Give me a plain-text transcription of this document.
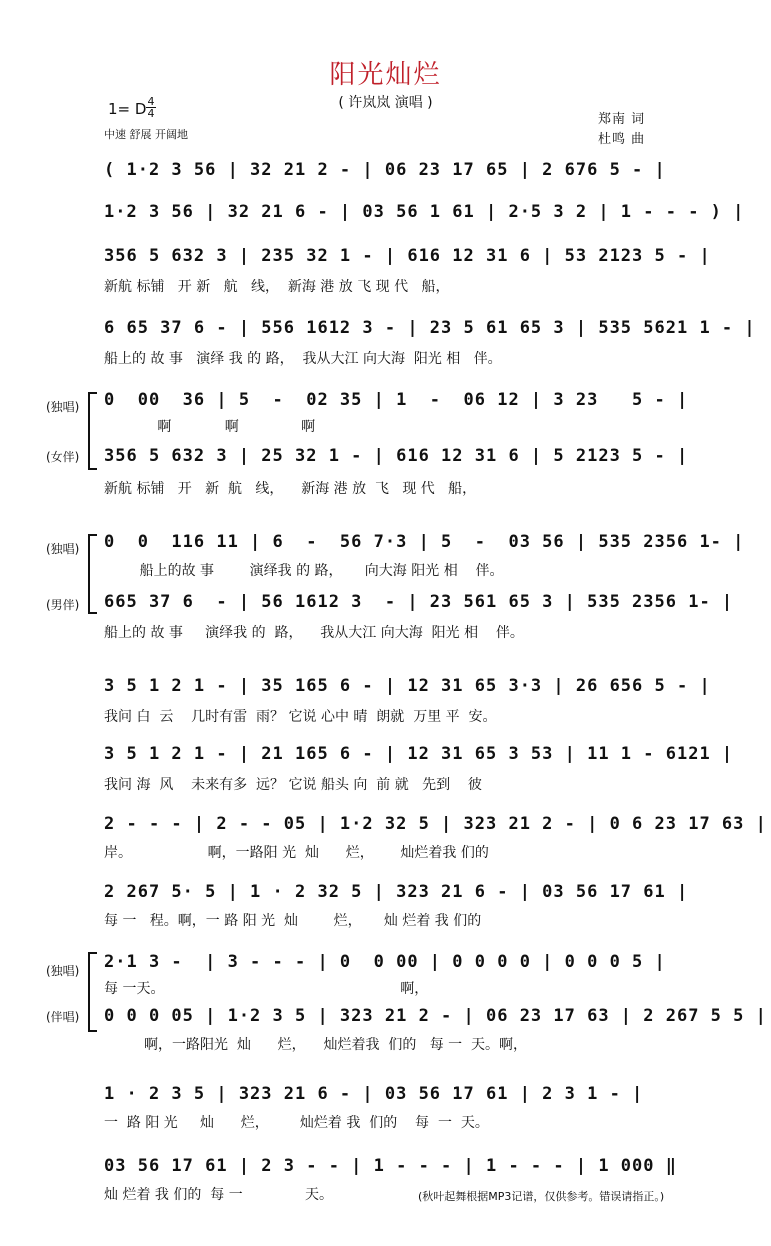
阳光灿烂
( 许岚岚 演唱 )
1= D 4
4
中速 舒展 开阔地
郑南 词
杜鸣 曲
( 1·2 3 56 | 32 21 2 - | 06 23 17 65 | 2 676 5 - |
1·2 3 56 | 32 21 6 - | 03 56 1 61 | 2·5 3 2 | 1 - - - ) |
356 5 632 3 | 235 32 1 - | 616 12 31 6 | 53 2123 5 - |
新航 标铺   开 新   航   线，  新海 港 放 飞 现 代   船，
6 65 37 6 - | 556 1612 3 - | 23 5 61 65 3 | 535 5621 1 - |
船上的 故 事   演绎 我 的 路，  我从大江 向大海  阳光 相   伴。
(独唱)
(女伴)
0  00  36 | 5  -  02 35 | 1  -  06 12 | 3 23   5 - |
啊            啊              啊
356 5 632 3 | 25 32 1 - | 616 12 31 6 | 5 2123 5 - |
新航 标铺   开   新  航   线，    新海 港 放  飞   现 代   船，
(独唱)
(男伴)
0  0  116 11 | 6  -  56 7·3 | 5  -  03 56 | 535 2356 1- |
船上的故 事        演绎我 的 路，     向大海 阳光 相    伴。
665 37 6  - | 56 1612 3  - | 23 561 65 3 | 535 2356 1- |
船上的 故 事     演绎我 的  路，    我从大江 向大海  阳光 相    伴。
3 5 1 2 1 - | 35 165 6 - | 12 31 65 3·3 | 26 656 5 - |
我问 白  云    几时有雷  雨？ 它说 心中 晴  朗就  万里 平  安。
3 5 1 2 1 - | 21 165 6 - | 12 31 65 3 53 | 11 1 - 6121 |
我问 海  风    未来有多  远？ 它说 船头 向  前 就   先到    彼
2 - - - | 2 - - 05 | 1·2 32 5 | 323 21 2 - | 0 6 23 17 63 |
岸。                 啊，一路阳 光  灿      烂，      灿烂着我 们的
2 267 5· 5 | 1 · 2 32 5 | 323 21 6 - | 03 56 17 61 |
每 一   程。啊，一 路 阳 光  灿        烂，     灿 烂着 我 们的
(独唱)
(伴唱)
2·1 3 -  | 3 - - - | 0  0 00 | 0 0 0 0 | 0 0 0 5 |
每 一天。                                                     啊，
0 0 0 05 | 1·2 3 5 | 323 21 2 - | 06 23 17 63 | 2 267 5 5 |
啊，一路阳光  灿      烂，    灿烂着我  们的   每 一  天。啊，
1 · 2 3 5 | 323 21 6 - | 03 56 17 61 | 2 3 1 - |
一  路 阳 光     灿      烂，       灿烂着 我  们的    每  一  天。
03 56 17 61 | 2 3 - - | 1 - - - | 1 - - - | 1 000 ‖
灿 烂着 我 们的  每 一              天。	(秋叶起舞根据MP3记谱，仅供参考。错误请指正。)
